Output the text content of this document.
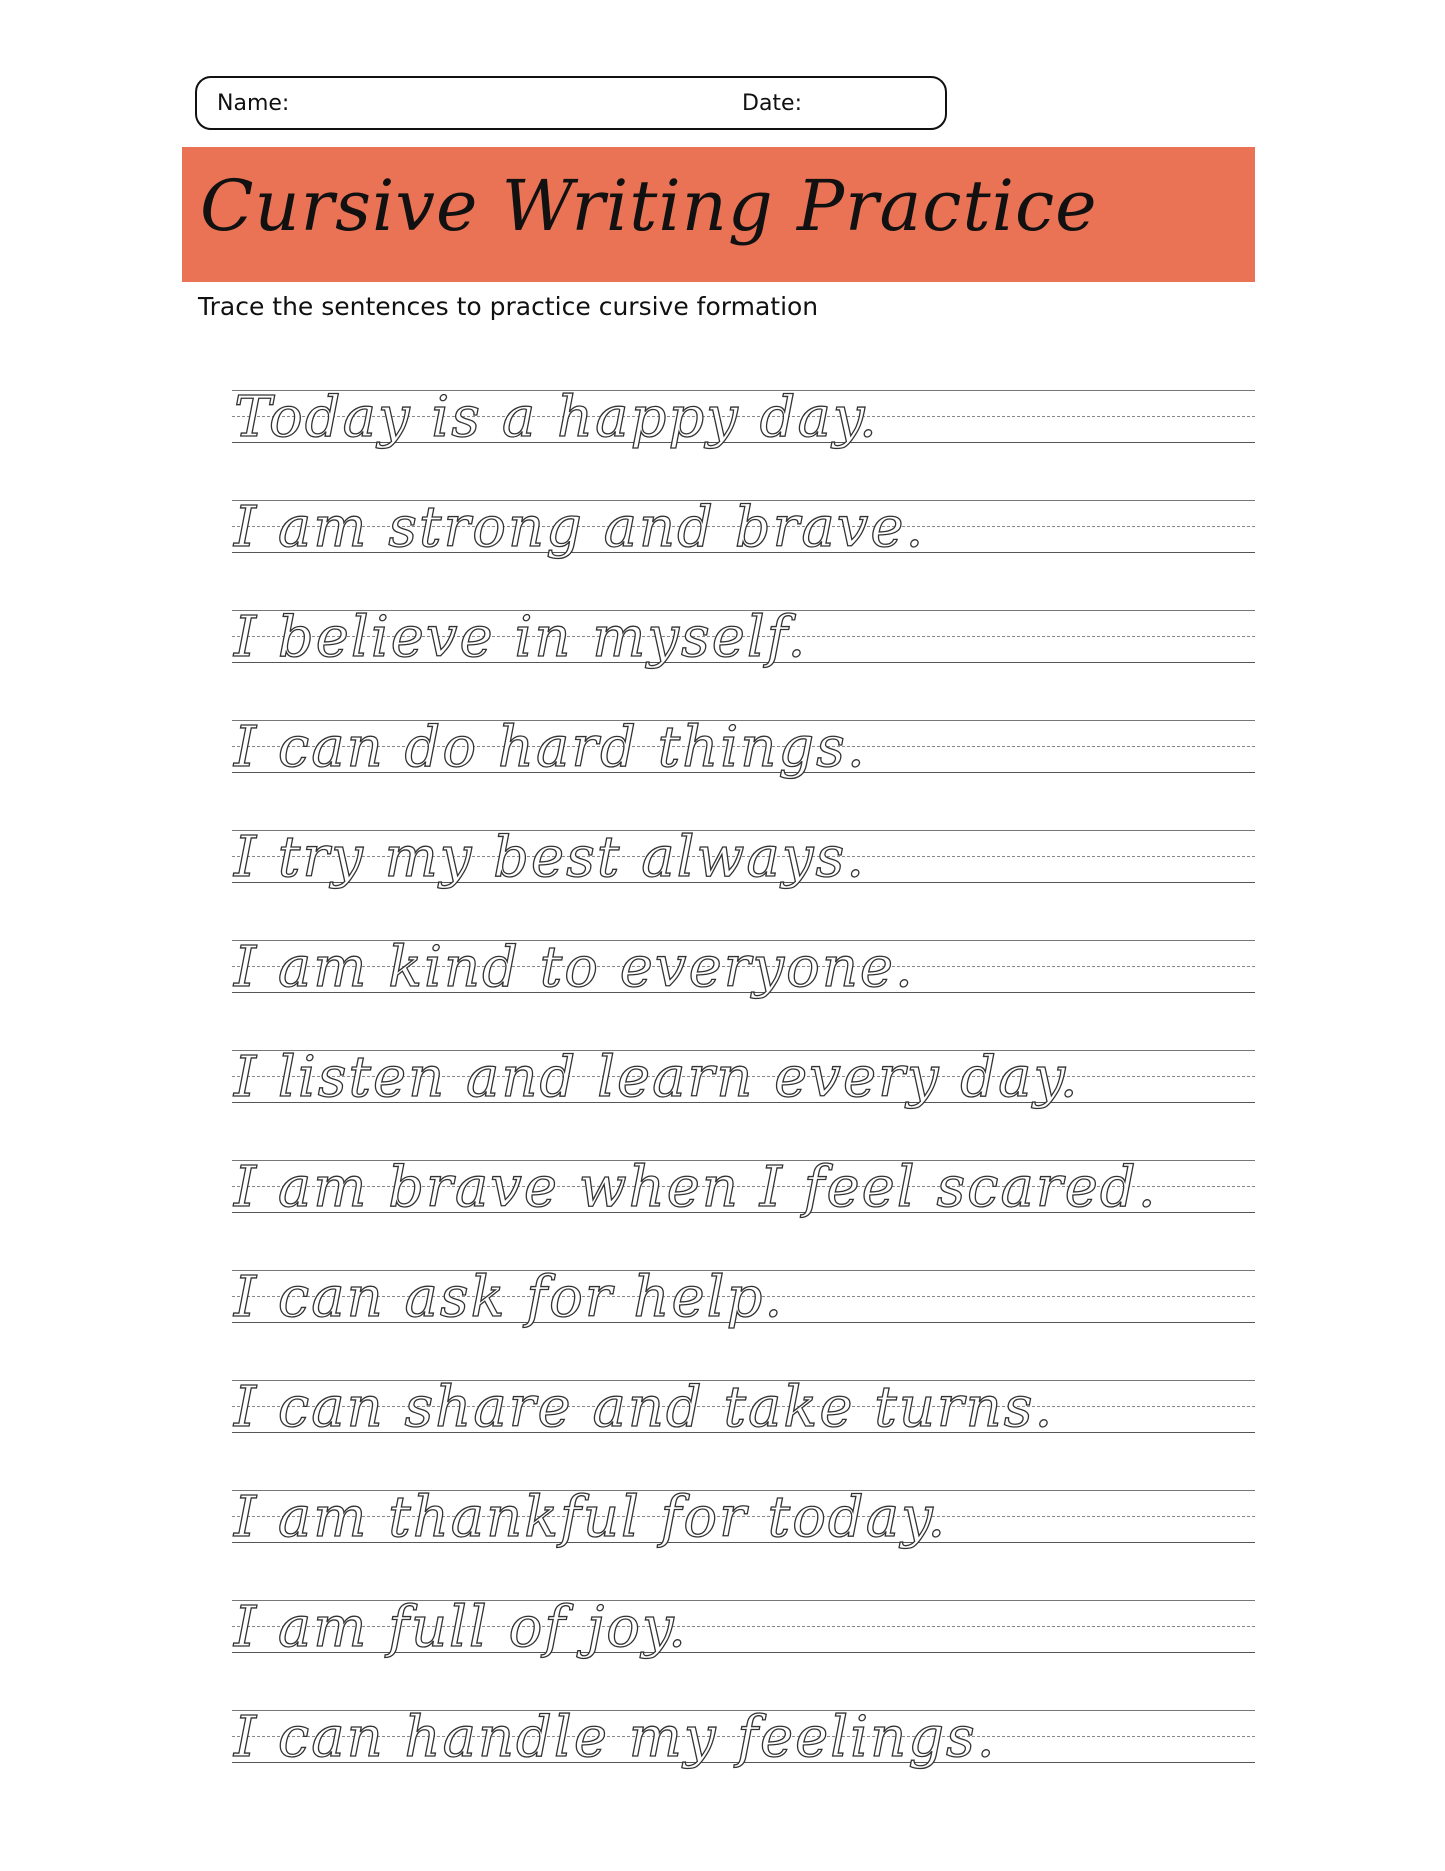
Name:	Date:
Cursive Writing Practice
Trace the sentences to practice cursive formation
Today is a happy day.
I am strong and brave.
I believe in myself.
I can do hard things.
I try my best always.
I am kind to everyone.
I listen and learn every day.
I am brave when I feel scared.
I can ask for help.
I can share and take turns.
I am thankful for today.
I am full of joy.
I can handle my feelings.
